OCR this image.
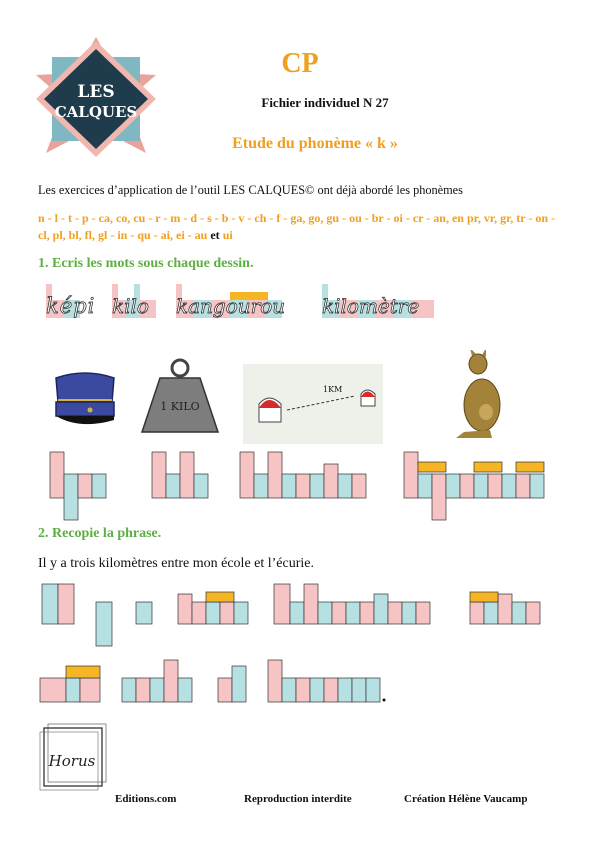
LES
CALQUES
CP
Fichier individuel N 27
Etude du phonème « k »
Les exercices d’application de l’outil LES CALQUES© ont déjà abordé les phonèmes
n - l - t - p - ca, co, cu - r - m - d - s - b - v - ch - f - ga, go, gu - ou - br - oi - cr - an, en pr, vr, gr, tr - on - cl, pl, bl, fl, gl - in - qu - ai, ei - au et ui
1. Ecris les mots sous chaque dessin.
képi kilo kangourou kilomètre
1 KILO
1KM
2. Recopie la phrase.
Il y a trois kilomètres entre mon école et l’écurie.
Horus
Editions.com	Reproduction interdite	Création Hélène Vaucamp
